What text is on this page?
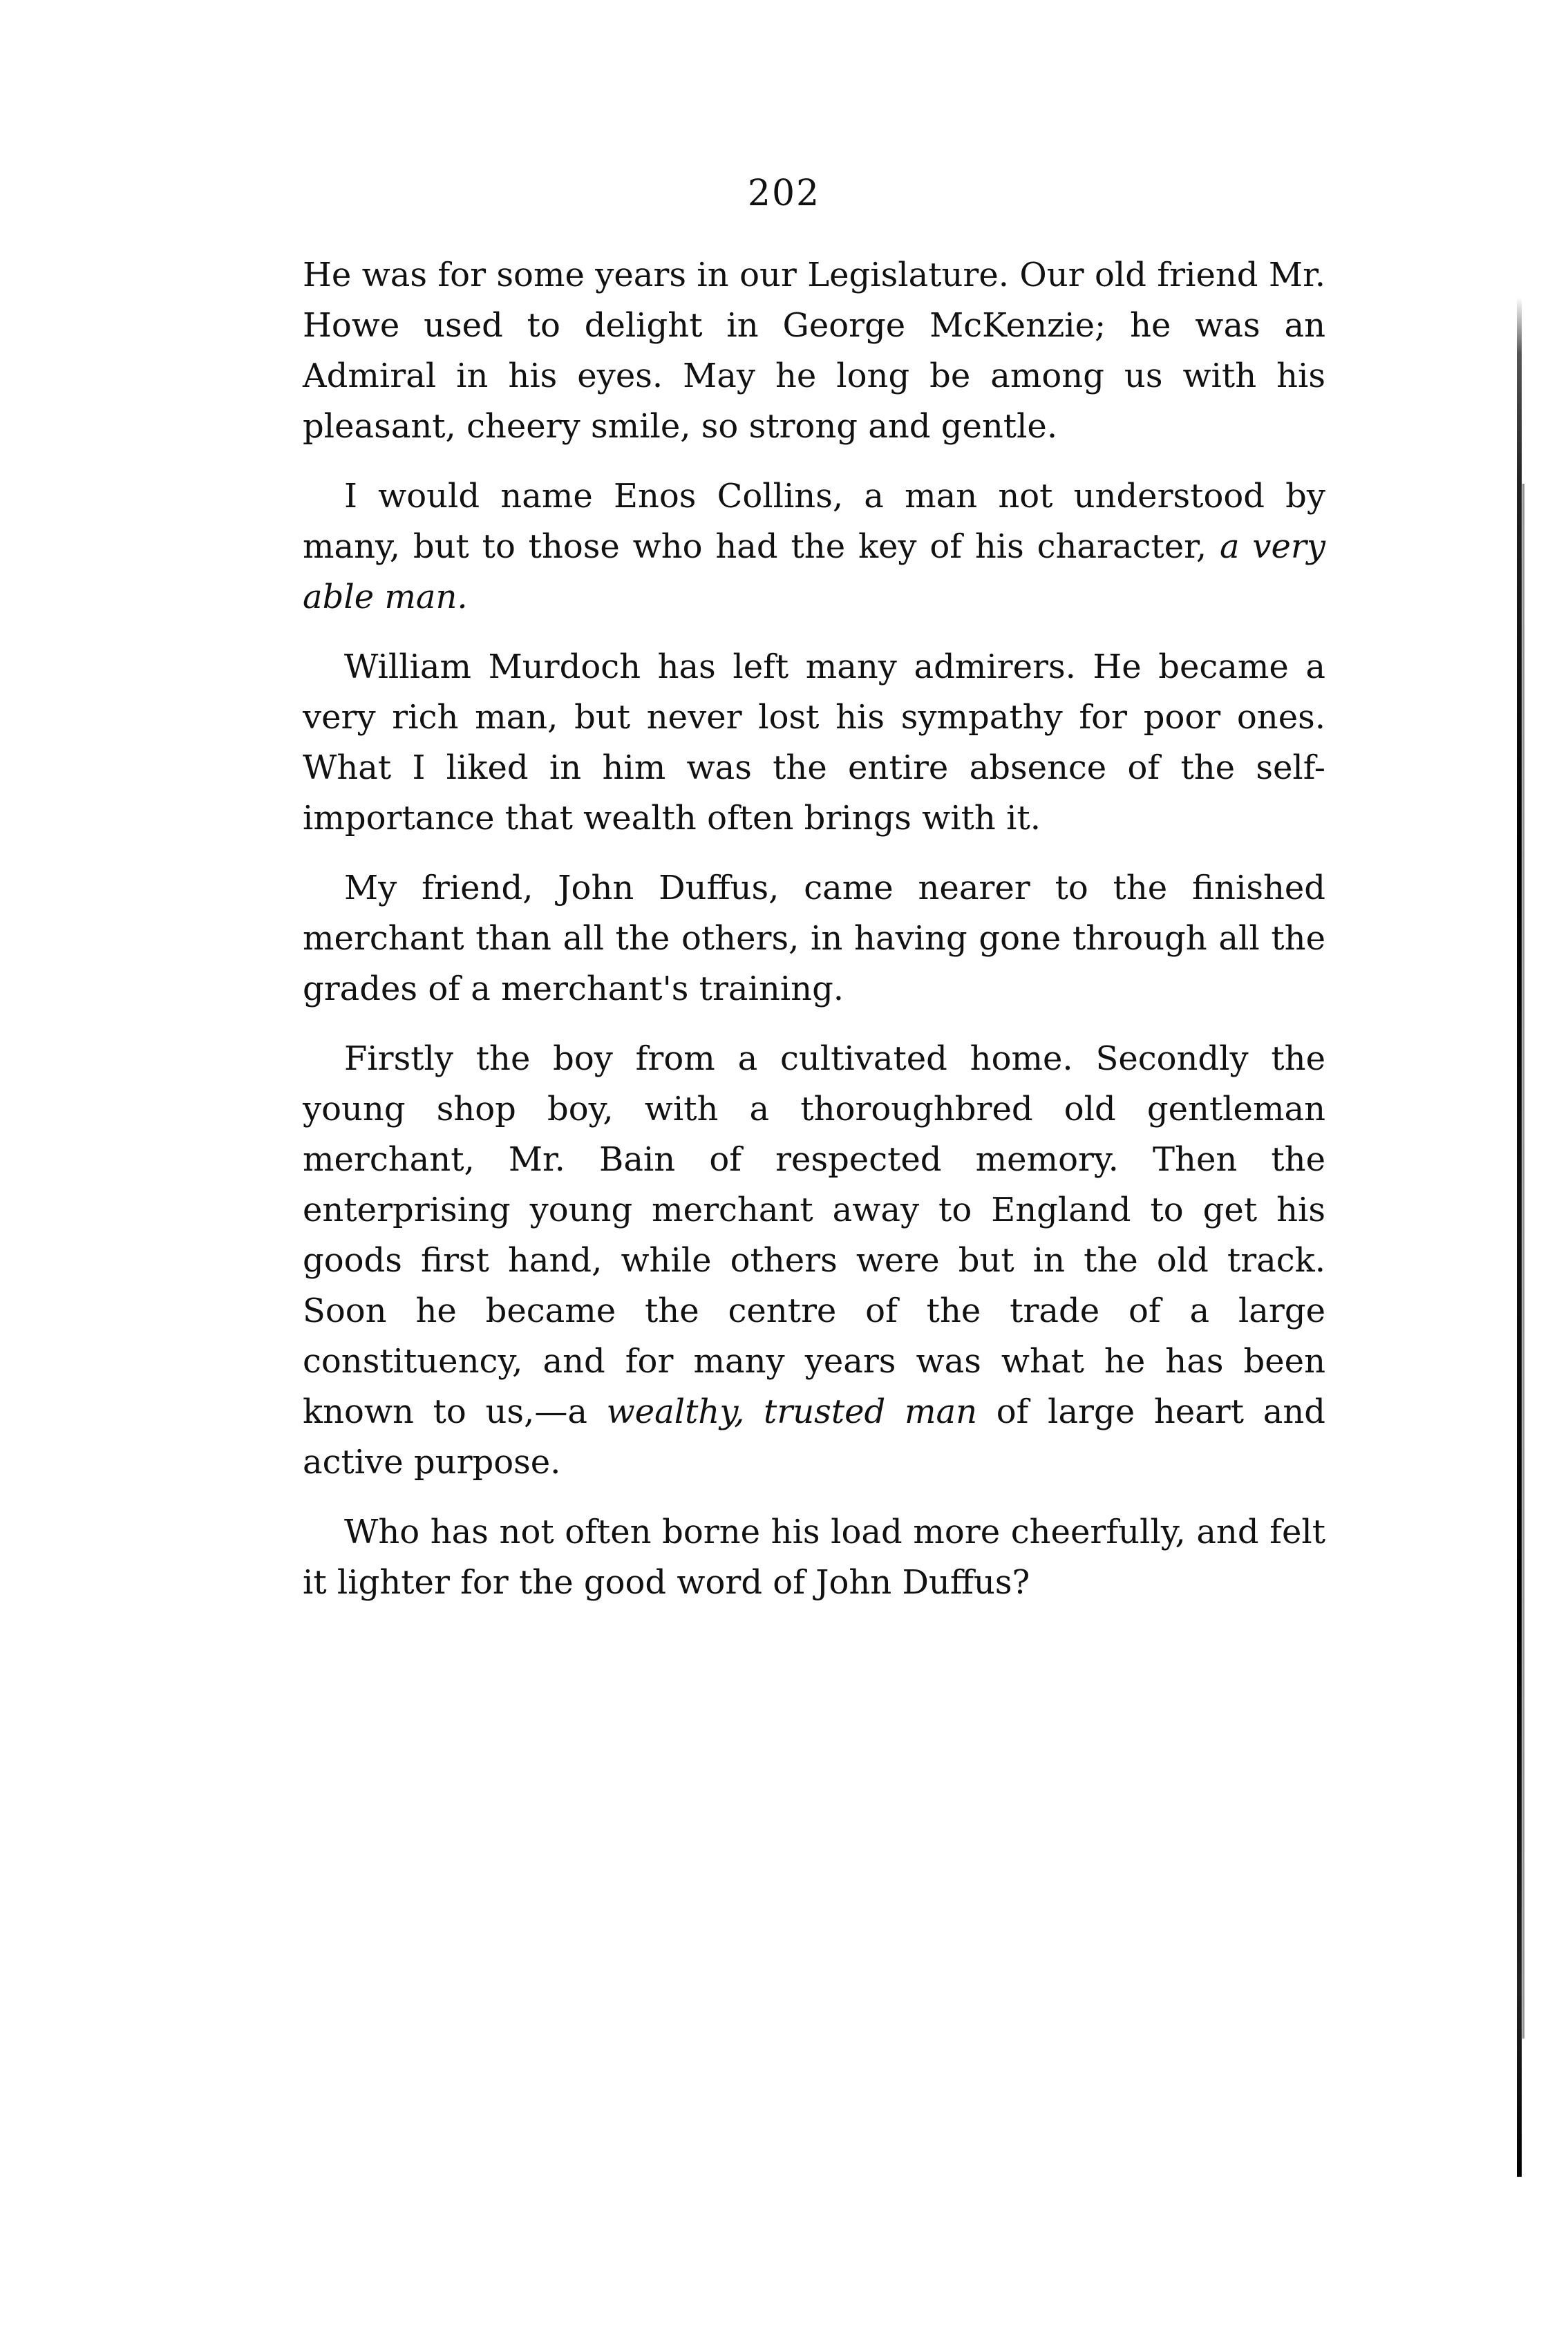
202

He was for some years in our Legislature. Our old friend Mr. Howe used to delight in George McKenzie; he was an Admiral in his eyes. May he long be among us with his pleasant, cheery smile, so strong and gentle.

I would name Enos Collins, a man not understood by many, but to those who had the key of his character, a very able man.

William Murdoch has left many admirers. He became a very rich man, but never lost his sympathy for poor ones. What I liked in him was the entire absence of the self-importance that wealth often brings with it.

My friend, John Duffus, came nearer to the finished merchant than all the others, in having gone through all the grades of a merchant's training.

Firstly the boy from a cultivated home. Secondly the young shop boy, with a thoroughbred old gentleman merchant, Mr. Bain of respected memory. Then the enterprising young merchant away to England to get his goods first hand, while others were but in the old track. Soon he became the centre of the trade of a large constituency, and for many years was what he has been known to us,—a wealthy, trusted man of large heart and active purpose.

Who has not often borne his load more cheerfully, and felt it lighter for the good word of John Duffus?
